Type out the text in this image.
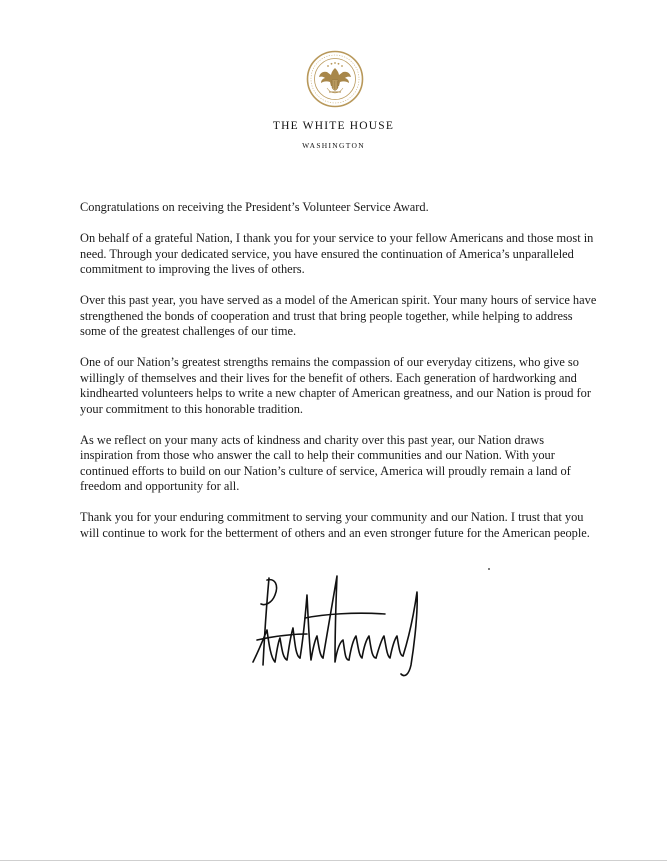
THE WHITE HOUSE
WASHINGTON

Congratulations on receiving the President’s Volunteer Service Award.

On behalf of a grateful Nation, I thank you for your service to your fellow Americans and those most in need. Through your dedicated service, you have ensured the continuation of America’s unparalleled commitment to improving the lives of others.

Over this past year, you have served as a model of the American spirit. Your many hours of service have strengthened the bonds of cooperation and trust that bring people together, while helping to address some of the greatest challenges of our time.

One of our Nation’s greatest strengths remains the compassion of our everyday citizens, who give so willingly of themselves and their lives for the benefit of others. Each generation of hardworking and kindhearted volunteers helps to write a new chapter of American greatness, and our Nation is proud for your commitment to this honorable tradition.

As we reflect on your many acts of kindness and charity over this past year, our Nation draws inspiration from those who answer the call to help their communities and our Nation. With your continued efforts to build on our Nation’s culture of service, America will proudly remain a land of freedom and opportunity for all.

Thank you for your enduring commitment to serving your community and our Nation. I trust that you will continue to work for the betterment of others and an even stronger future for the American people.
